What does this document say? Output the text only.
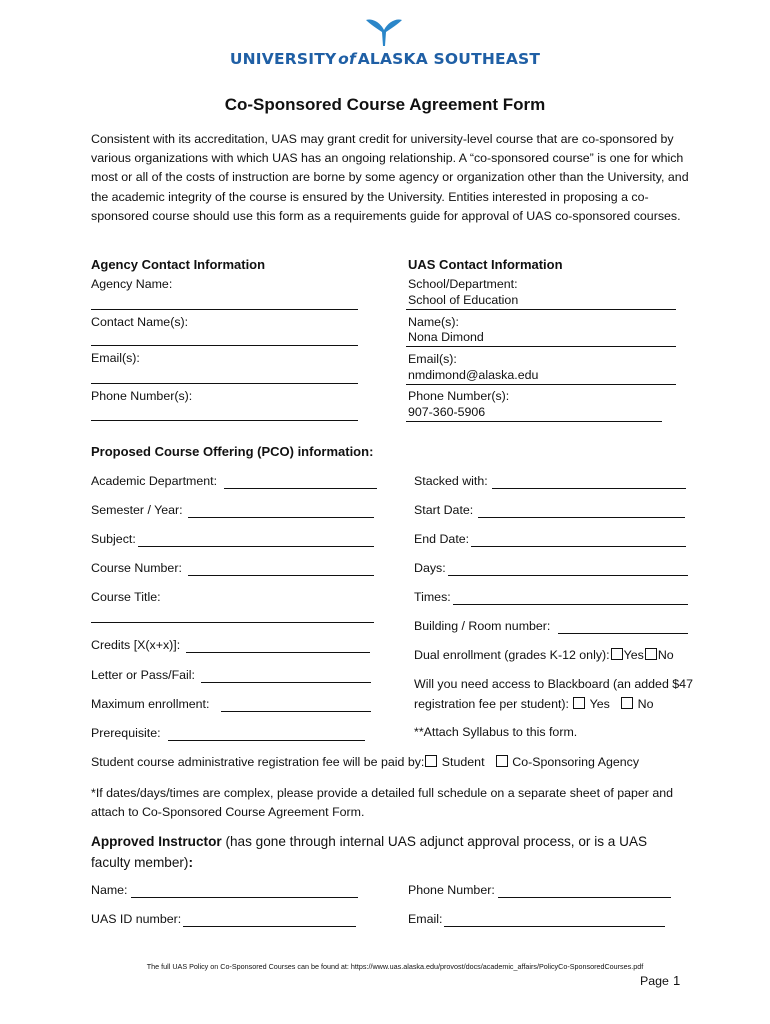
UNIVERSITY  of  ALASKA SOUTHEAST
Co-Sponsored Course Agreement Form
Consistent with its accreditation, UAS may grant credit for university-level course that are co-sponsored by various organizations with which UAS has an ongoing relationship. A “co-sponsored course” is one for which most or all of the costs of instruction are borne by some agency or organization other than the University, and the academic integrity of the course is ensured by the University. Entities interested in proposing a co- sponsored course should use this form as a requirements guide for approval of UAS co-sponsored courses.
Agency Contact Information
Agency Name:
Contact Name(s):
Email(s):
Phone Number(s):
UAS Contact Information
School/Department:
School of Education
Name(s):
Nona Dimond
Email(s):
nmdimond@alaska.edu
Phone Number(s):
907-360-5906
Proposed Course Offering (PCO) information:
Academic Department:
Semester / Year:
Subject:
Course Number:
Course Title:
Credits [X(x+x)]:
Letter or Pass/Fail:
Maximum enrollment:
Prerequisite:
Stacked with:
Start Date:
End Date:
Days:
Times:
Building / Room number:
Dual enrollment (grades K-12 only): Yes No
Will you need access to Blackboard (an added $47
registration fee per student): Yes No
**Attach Syllabus to this form.
Student course administrative registration fee will be paid by: Student Co-Sponsoring Agency
*If dates/days/times are complex, please provide a detailed full schedule on a separate sheet of paper and attach to Co-Sponsored Course Agreement Form.
Approved Instructor (has gone through internal UAS adjunct approval process, or is a UAS
faculty member):
Name:
UAS ID number:
Phone Number:
Email:
The full UAS Policy on Co-Sponsored Courses can be found at: https://www.uas.alaska.edu/provost/docs/academic_affairs/PolicyCo-SponsoredCourses.pdf
Page 1
